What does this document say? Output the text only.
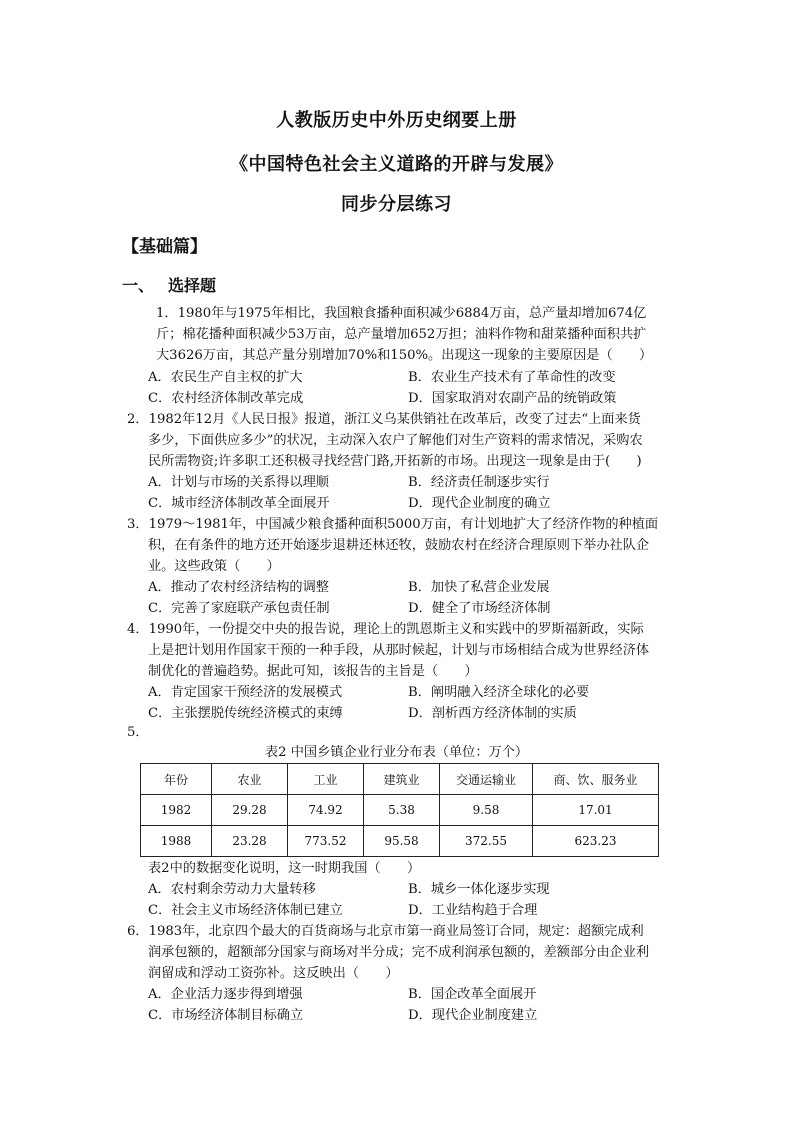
人教版历史中外历史纲要上册
《中国特色社会主义道路的开辟与发展》
同步分层练习
【基础篇】
一、 选择题
1．1980年与1975年相比，我国粮食播种面积减少6884万亩，总产量却增加674亿
斤；棉花播种面积减少53万亩，总产量增加652万担；油料作物和甜菜播种面积共扩
大3626万亩，其总产量分别增加70%和150%。出现这一现象的主要原因是（　　）
A．农民生产自主权的扩大	B．农业生产技术有了革命性的改变
C．农村经济体制改革完成	D．国家取消对农副产品的统销政策
2．1982年12月《人民日报》报道，浙江义乌某供销社在改革后，改变了过去“上面来货
多少，下面供应多少”的状况，主动深入农户了解他们对生产资料的需求情况，采购农
民所需物资;许多职工还积极寻找经营门路,开拓新的市场。出现这一现象是由于(　　)
A．计划与市场的关系得以理顺	B．经济责任制逐步实行
C．城市经济体制改革全面展开	D．现代企业制度的确立
3．1979～1981年，中国减少粮食播种面积5000万亩，有计划地扩大了经济作物的种植面
积，在有条件的地方还开始逐步退耕还林还牧，鼓励农村在经济合理原则下举办社队企
业。这些政策（　　）
A．推动了农村经济结构的调整	B．加快了私营企业发展
C．完善了家庭联产承包责任制	D．健全了市场经济体制
4．1990年，一份提交中央的报告说，理论上的凯恩斯主义和实践中的罗斯福新政，实际
上是把计划用作国家干预的一种手段，从那时候起，计划与市场相结合成为世界经济体
制优化的普遍趋势。据此可知，该报告的主旨是（　　）
A．肯定国家干预经济的发展模式	B．阐明融入经济全球化的必要
C．主张摆脱传统经济模式的束缚	D．剖析西方经济体制的实质
5．
表2 中国乡镇企业行业分布表（单位：万个）
年份	农业	工业	建筑业	交通运输业	商、饮、服务业
1982	29.28	74.92	5.38	9.58	17.01
1988	23.28	773.52	95.58	372.55	623.23
表2中的数据变化说明，这一时期我国（　　）
A．农村剩余劳动力大量转移	B．城乡一体化逐步实现
C．社会主义市场经济体制已建立	D．工业结构趋于合理
6．1983年，北京四个最大的百货商场与北京市第一商业局签订合同，规定：超额完成利
润承包额的，超额部分国家与商场对半分成；完不成利润承包额的，差额部分由企业利
润留成和浮动工资弥补。这反映出（　　）
A．企业活力逐步得到增强	B．国企改革全面展开
C．市场经济体制目标确立	D．现代企业制度建立
